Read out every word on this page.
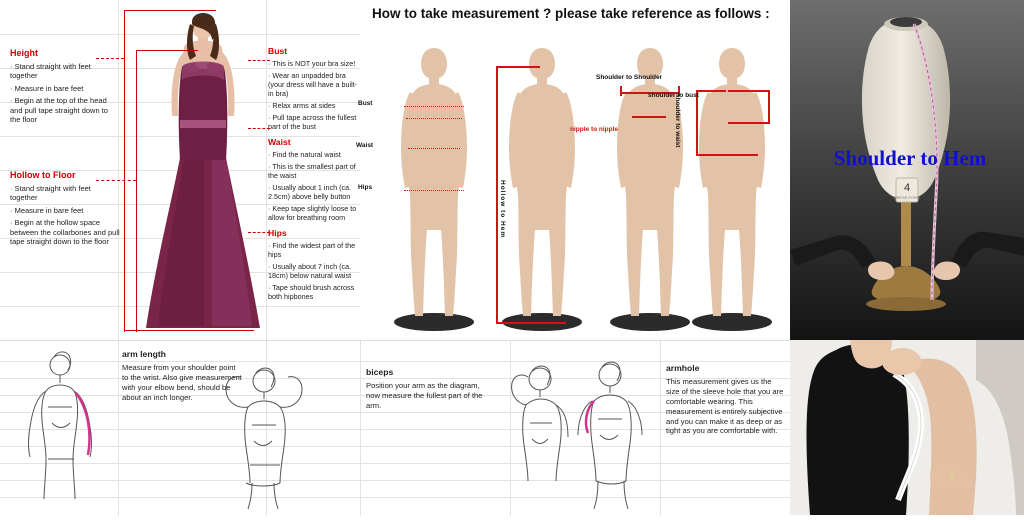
Height
· Stand straight with feet together
· Measure in bare feet
· Begin at the top of the head and pull tape straight down to the floor
Hollow to Floor
· Stand straight with feet together
· Measure in bare feet
· Begin at the hollow space between the collarbones and pull tape straight down to the floor
Bust
· This is NOT your bra size!
· Wear an unpadded bra (your dress will have a built-in bra)
· Relax arms at sides
· Pull tape across the fullest part of the bust
Waist
· Find the natural waist
· This is the smallest part of the waist
· Usually about 1 inch (ca. 2.5cm) above belly button
· Keep tape slightly loose to allow for breathing room
Hips
· Find the widest part of the hips
· Usually about 7 inch (ca. 18cm) below natural waist
· Tape should brush across both hipbones
How to take measurement ? please take reference as follows :
Bust
Waist
Hips	Hollow to Hem
Shoulder to Shoulder
nipple to nipple	shoulder to waist
shoulder to bust
4
DRESS FORM
Shoulder to Hem
arm length
Measure from your shoulder point to the wrist. Also give measurement with your elbow bend, should be about an inch longer.
biceps
Position your arm as the diagram, now measure the fullest part of the arm.
armhole
This measurement gives us the size of the sleeve hole that you are comfortable wearing. This measurement is entirely subjective and you can make it as deep or as tight as you are comfortable with.
